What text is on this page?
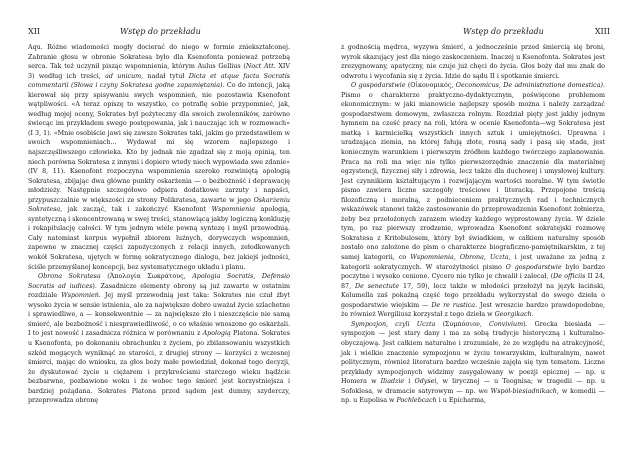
XII	Wstęp do przekładu

Aqu. Różne wiadomości mogły docierać do niego w formie zniekształconej. Zabranie głosu w obronie Sokratesa było dla Ksenofonta ponieważ potrzebą serca. Tak też uczynił pisząc wspomnienia, którym Aulus Gellius (Noct Att. XIV 3) według ich treści, ad unicum, nadał tytuł Dicta et atque facta Socratis commentarii (Słowa i czyny Sokratesa godne zapamiętania). Co do intencji, jaką kierował się przy spisywaniu swych wspomnień, nie pozostawia Ksenofont wątpliwości. «A teraz opiszę to wszystko, co potrafię sobie przypomnieć, jak, według mojej oceny, Sokrates był pożyteczny dla swoich zwolenników, zarówno świecąc im przykładem swego postępowania, jak i nauczając ich w rozmowach» (I 3, 1). «Mnie osobiście jawi się zawsze Sokrates taki, jakim go przedstawiłem w swoich wspomnieniach... Wydawał mi się wzorem najlepszego i najszczęśliwszego człowieka. Kto by jednak nie zgadzał się z moją opinią, ten niech porówna Sokratesa z innymi i dopiero wtedy niech wypowiada swe zdanie» (IV 8, 11). Ksenofont rozpoczyna wspomnienia szeroko rozwiniętą apologią Sokratesa, zbijając dwa główne punkty oskarżenia — o bezbożność i deprawację młodzieży. Następnie szczegółowo odpiera dodatkowe zarzuty i napaści, przypuszczalnie w większości ze strony Polikratesa, zawarte w jego Oskarżeniu Sokratesa, jak zacząć, tak i zakończyć Ksenofont Wspomnienia apologią, syntetyczną i skoncentrowaną w swej treści, stanowiącą jakby logiczną konkluzję i rekapitulację całości. W tym jednym wiele pewną syntezę i myśl przewodnią. Cały natomiast korpus wypełnił zbiorem luźnych, dorywczych wspomnień, zapewne w znacznej części zapożyczonych z relacji innych, zełodkowanych wokół Sokratesa, ujętych w formę sokratycznego dialogu, bez jakiejś jedności, ściśle przemyślanej koncepcji, bez systematycznego układu i planu.

Obrona Sokratesa (Ἀπολογία Σωκράτους, Apologia Socratis, Defensio Socratis ad iudices). Zasadnicze elementy obrony są już zawarte w ostatnim rozdziale Wspomnień. Jej myśl przewodnią jest taka: Sokrates nie czuł żbyt wysoko życia w sensie istnienia, ale za największe dobro uważał życie szlachetne i sprawiedliwe, a — konsekwentnie — za największe zło i nieszczęście nie samą śmierć, ale bezbożność i niesprawiedliwość, o co właśnie wnoszono go oskarżali. I to jest nowość i zasadnicza różnica w porównaniu z Apologią Platona. Sokrates u Ksenofonta, po dokonaniu obrachunku z życiem, po zbilansowaniu wszystkich szkód mogących wyniknąć ze starości, z drugiej strony — korzyści z wczesnej śmierci, mając do wniosku, za głos boży małe powiedział, dokonał tego decyzji, że dyskutować życie u ciężarem i przykrościami starczego wieku bądźcie bezbarwne, pozbawione woku i że wobec tego śmierć jest korzystniejsza i bardziej pożądana. Sokrates Platona przed sądem jest dumny, szyderczy, przeprowadza obronę

Wstęp do przekładu	XIII

z godnością mędrca, wyzywa śmierć, a jednocześnie przed śmiercią się broni, wyrok skazujący jest dla niego zaskoczeniem. Inaczej u Ksenofonta. Sokrates jest zrezygnowany, apatyczny, nie czuje już chęci do życia. Głos boży dał mu znak do odwrotu i wycofania się z życia. Idzie do sądu II i spotkanie śmierci.

O gospodarstwie (Οἰκονομικός, Oeconomicus, De administratione domestica). Pismo o charakterze praktyczno-dydaktycznym, poświęcone problemom ekonomicznym: w jaki mianowicie najlepszy sposób można i należy zarządzać gospodarstwem domowym, zwłaszcza rolnym. Rozdział pięty jest jakby jednym hymnem na cześć pracy na roli, która w ocenie Ksenofonta—wg Sokratesa jest matką i karmicielką wszystkich innych sztuk i umiejętności. Uprawna i uradzająca ziemia, na której fałują złote, rosną sady i pasą się stada, jest koniecznym warunkiem i pierwszym źródłem każdego twórczego zaplanowania. Praca na roli ma więc nie tylko pierwszorzędnie znaczenie dla materialnej egzystencji, fizycznej siły i zdrowia, lecz także dla duchowej i umysłowej kultury. Jest czynnikiem kształtującym i rozwijającym wartości moralne. W tym świetle pismo zawiera liczne szczegóły treściowe i literacką. Przepojone treścią filozoficzną i moralną, z podnieceniem praktycznych rad i technicznych wskazówek stanowi także zastosowanie do przeprowadzenia Ksenofont żołnierza, żeby bez przełożonych zarazem wiedzy każdego wyprostowany życia. W dziele tym, po raz pierwszy zrodzenie, wprowadza Ksenofont sokratejski rozmowę Sokratesa z Kritobulosem, który był świadkiem, w całkiem naturalny sposób zostało ono założone do pism o charakterze biograficzno-pamiętnikarskim, z tej samej kategorii, co Wspomnienia, Obrona, Uczta, i jest uważane za jedną z kategorii sokratycznych. W starożytności pismo O gospodarstwie było bardzo poczytne i wysoko cenione. Cycero nie tylko je chwalił i zalecał, (De officiis II 24, 87, De senectute 17, 59), lecz także w młodości przełożył na język łaciński, Kolumella zaś pokaźną część tego przekładu wykorzystał do swego dzieła o gospodarstwie wiejskim — De re rustica. Jest wreszcie bardzo prawdopodobne, że również Wergiliusz korzystał z tego dzieła w Georgikach.

Sympozjon, czyli Uczta (Συμπόσιον, Convivium). Grecka biesiada — sympozjon — jest stary dany i ma za sobą tradycje historyczną i kulturalno-obyczajową. Jest całkiem naturalne i zrozumiałe, że ze względu na atrakcyjność, jak i wielkie znaczenie sympozjonu w życiu towarzyskim, kulturalnym, nawet politycznym, również literatura bardzo wcześnie zajęła się tym tematem. Liczne przykłady sympozjonych widzimy zasygalowany w poezji epicznej — np. u Homera w Iliadzie i Odysei, w lirycznej — u Teognisa; w tragedii — np. u Sofoklesa, w dramacie satyrowym — np. we Współ-biesiadnikach, w komedii — np. u Eupolisa w Pochlebcach i u Epicharma,
